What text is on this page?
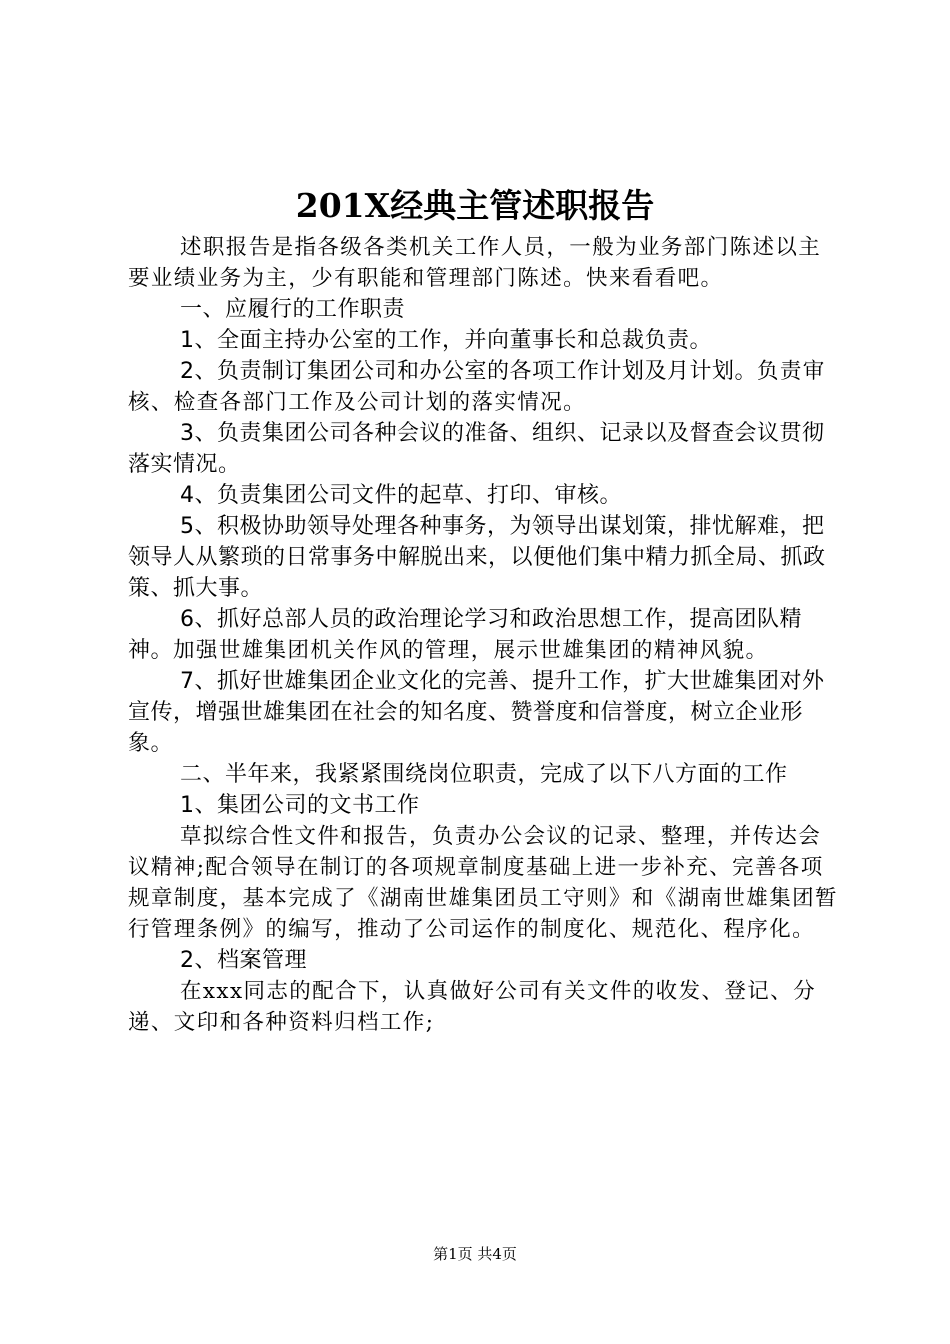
201X经典主管述职报告

述职报告是指各级各类机关工作人员，一般为业务部门陈述以主要业绩业务为主，少有职能和管理部门陈述。快来看看吧。

一、应履行的工作职责

1、全面主持办公室的工作，并向董事长和总裁负责。

2、负责制订集团公司和办公室的各项工作计划及月计划。负责审核、检查各部门工作及公司计划的落实情况。

3、负责集团公司各种会议的准备、组织、记录以及督查会议贯彻落实情况。

4、负责集团公司文件的起草、打印、审核。

5、积极协助领导处理各种事务，为领导出谋划策，排忧解难，把领导人从繁琐的日常事务中解脱出来，以便他们集中精力抓全局、抓政策、抓大事。

6、抓好总部人员的政治理论学习和政治思想工作，提高团队精神。加强世雄集团机关作风的管理，展示世雄集团的精神风貌。

7、抓好世雄集团企业文化的完善、提升工作，扩大世雄集团对外宣传，增强世雄集团在社会的知名度、赞誉度和信誉度，树立企业形象。

二、半年来，我紧紧围绕岗位职责，完成了以下八方面的工作

1、集团公司的文书工作

草拟综合性文件和报告，负责办公会议的记录、整理，并传达会议精神;配合领导在制订的各项规章制度基础上进一步补充、完善各项规章制度，基本完成了《湖南世雄集团员工守则》和《湖南世雄集团暂行管理条例》的编写，推动了公司运作的制度化、规范化、程序化。

2、档案管理

在xxx同志的配合下，认真做好公司有关文件的收发、登记、分递、文印和各种资料归档工作;

第1页 共4页
